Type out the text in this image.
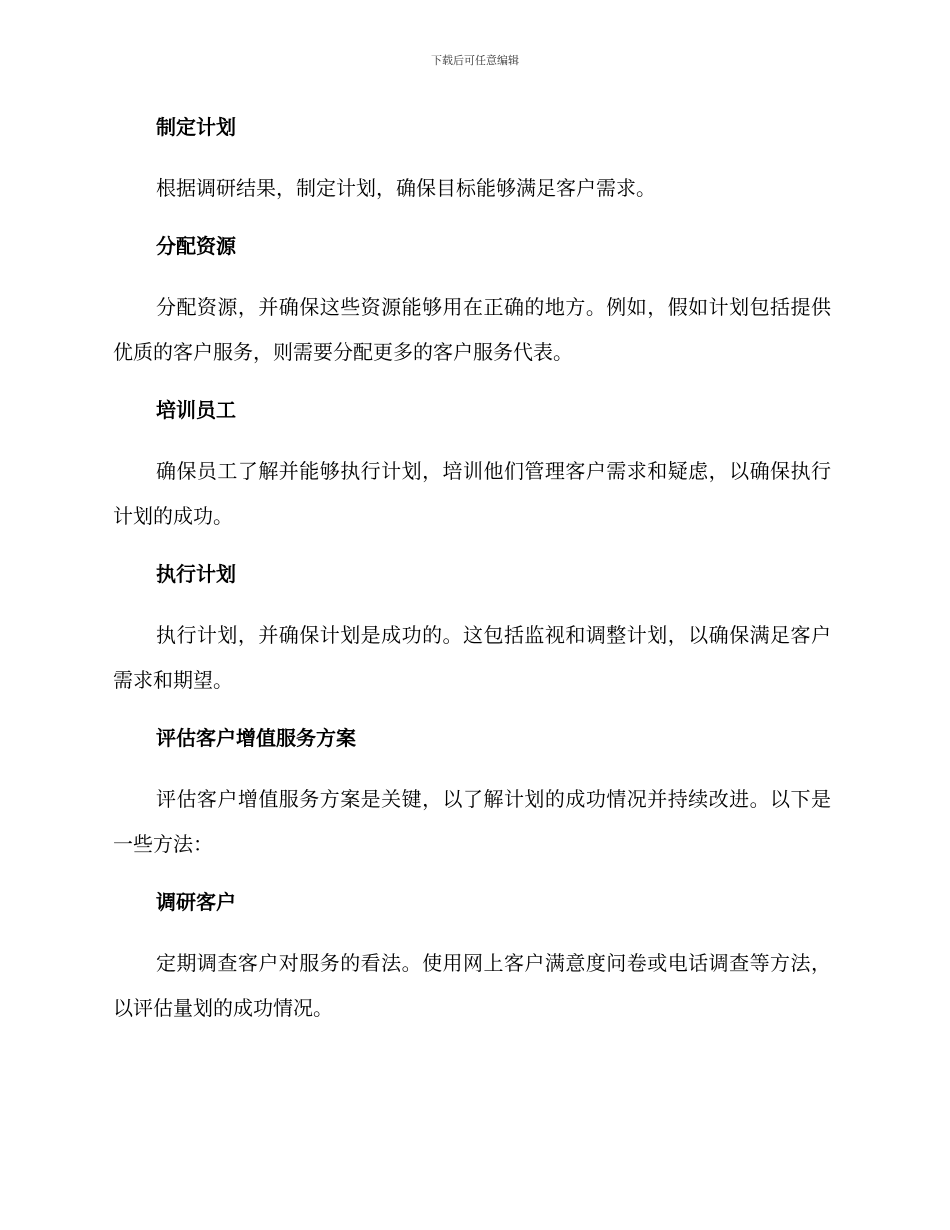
下载后可任意编辑
制定计划

根据调研结果，制定计划，确保目标能够满足客户需求。

分配资源

分配资源，并确保这些资源能够用在正确的地方。例如，假如计划包括提供优质的客户服务，则需要分配更多的客户服务代表。

培训员工

确保员工了解并能够执行计划，培训他们管理客户需求和疑虑，以确保执行计划的成功。

执行计划

执行计划，并确保计划是成功的。这包括监视和调整计划，以确保满足客户需求和期望。

评估客户增值服务方案

评估客户增值服务方案是关键，以了解计划的成功情况并持续改进。以下是一些方法：

调研客户

定期调查客户对服务的看法。使用网上客户满意度问卷或电话调查等方法，以评估量划的成功情况。
